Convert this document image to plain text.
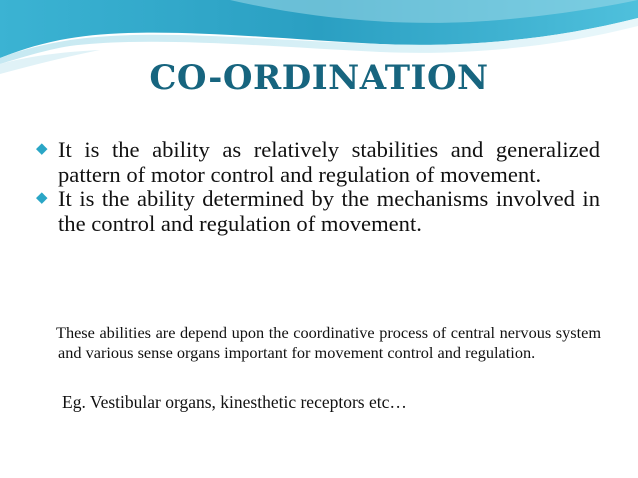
CO-ORDINATION
◆ It is the ability as relatively stabilities and generalized pattern of motor control and regulation of movement.
◆ It is the ability determined by the mechanisms involved in the control and regulation of movement.
These abilities are depend upon the coordinative process of central nervous system and various sense organs important for movement control and regulation.
Eg. Vestibular organs, kinesthetic receptors etc…
